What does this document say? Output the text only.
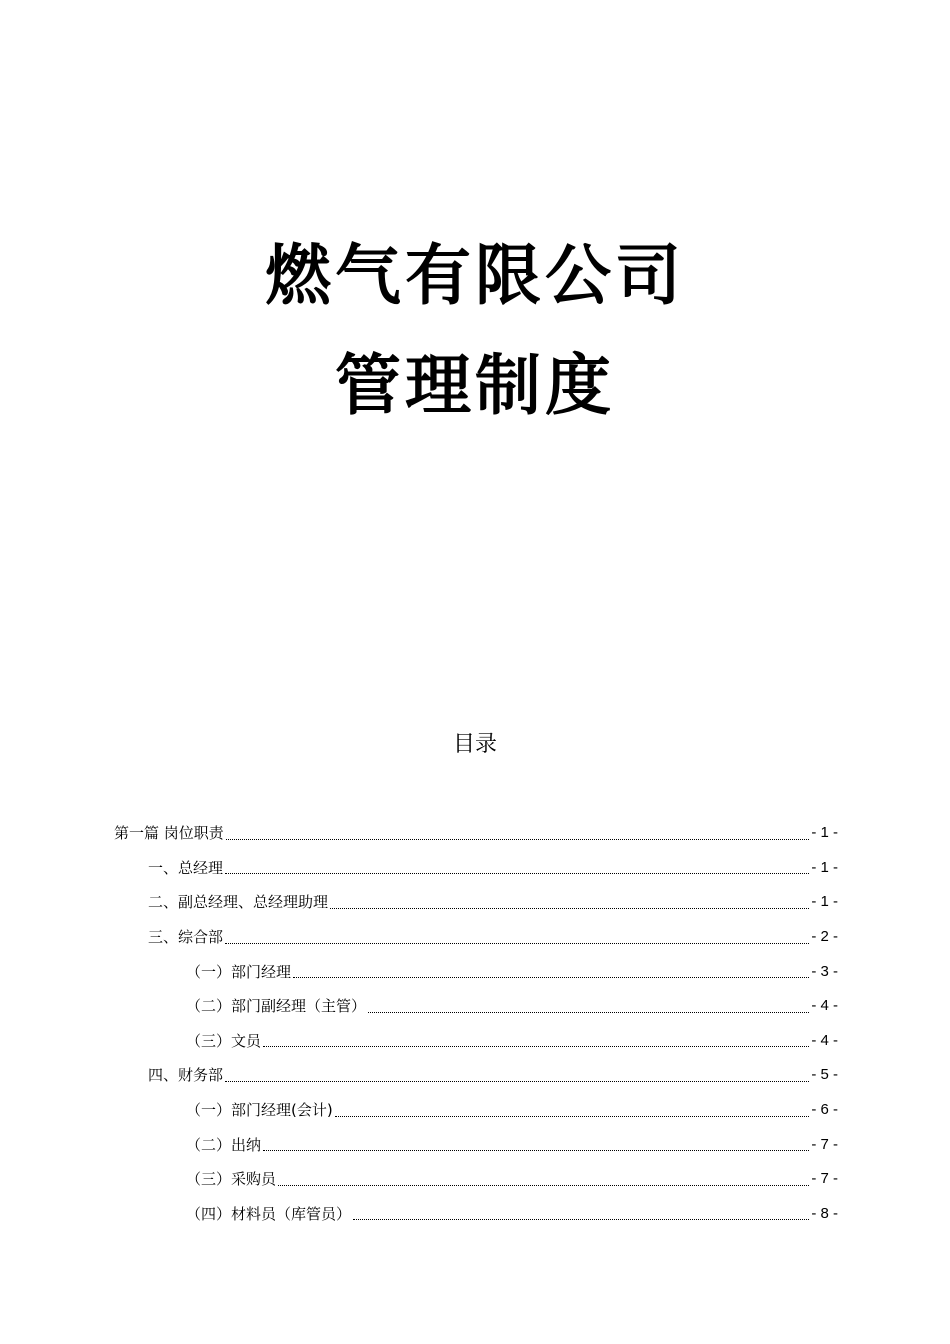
燃气有限公司
管理制度
目录
第一篇 岗位职责	- 1 -
一、总经理	- 1 -
二、副总经理、总经理助理	- 1 -
三、综合部	- 2 -
（一）部门经理	- 3 -
（二）部门副经理（主管）	- 4 -
（三）文员	- 4 -
四、财务部	- 5 -
（一）部门经理(会计)	- 6 -
（二）出纳	- 7 -
（三）采购员	- 7 -
（四）材料员（库管员）	- 8 -
